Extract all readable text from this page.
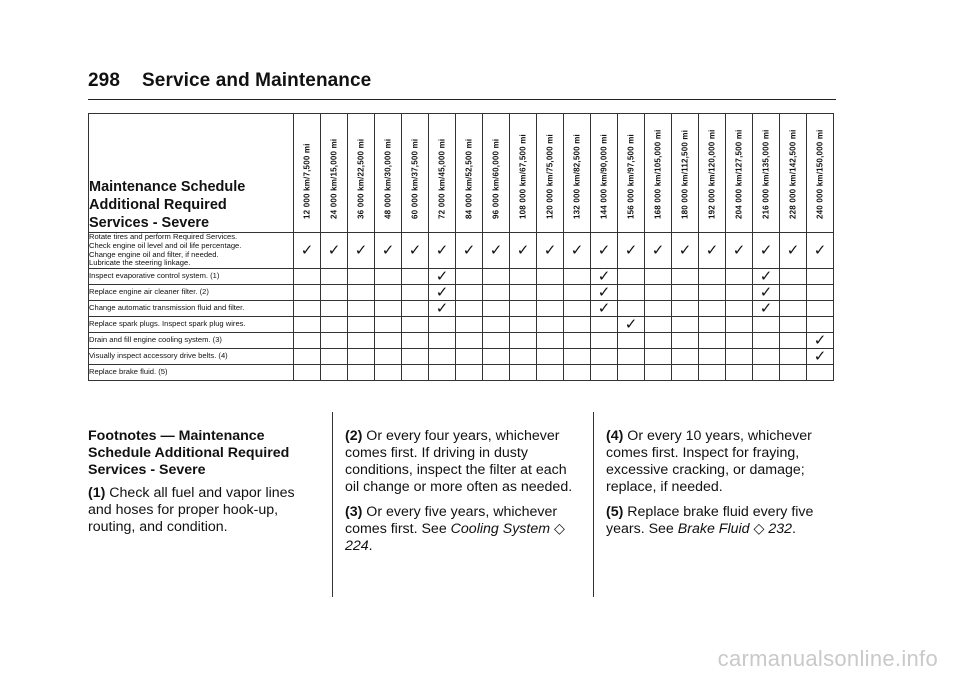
298 Service and Maintenance
Maintenance Schedule
Additional Required
Services - Severe	12 000 km/7,500 mi	24 000 km/15,000 mi	36 000 km/22,500 mi	48 000 km/30,000 mi	60 000 km/37,500 mi	72 000 km/45,000 mi	84 000 km/52,500 mi	96 000 km/60,000 mi	108 000 km/67,500 mi	120 000 km/75,000 mi	132 000 km/82,500 mi	144 000 km/90,000 mi	156 000 km/97,500 mi	168 000 km/105,000 mi	180 000 km/112,500 mi	192 000 km/120,000 mi	204 000 km/127,500 mi	216 000 km/135,000 mi	228 000 km/142,500 mi	240 000 km/150,000 mi

Rotate tires and perform Required Services.
Check engine oil level and oil life percentage.
Change engine oil and filter, if needed.
Lubricate the steering linkage.	✓	✓	✓	✓	✓	✓	✓	✓	✓	✓	✓	✓	✓	✓	✓	✓	✓	✓	✓	✓

Inspect evaporative control system. (1)						✓						✓						✓		

Replace engine air cleaner filter. (2)						✓						✓						✓		

Change automatic transmission fluid and filter.						✓						✓						✓		

Replace spark plugs. Inspect spark plug wires.													✓							

Drain and fill engine cooling system. (3)																				✓

Visually inspect accessory drive belts. (4)																				✓

Replace brake fluid. (5)																				

Footnotes — Maintenance
Schedule Additional Required
Services - Severe

(1) Check all fuel and vapor lines and hoses for proper hook-up, routing, and condition.

(2) Or every four years, whichever comes first. If driving in dusty conditions, inspect the filter at each oil change or more often as needed.

(3) Or every five years, whichever comes first. See Cooling System ◇ 224.

(4) Or every 10 years, whichever comes first. Inspect for fraying, excessive cracking, or damage; replace, if needed.

(5) Replace brake fluid every five years. See Brake Fluid ◇ 232.

carmanualsonline.info
